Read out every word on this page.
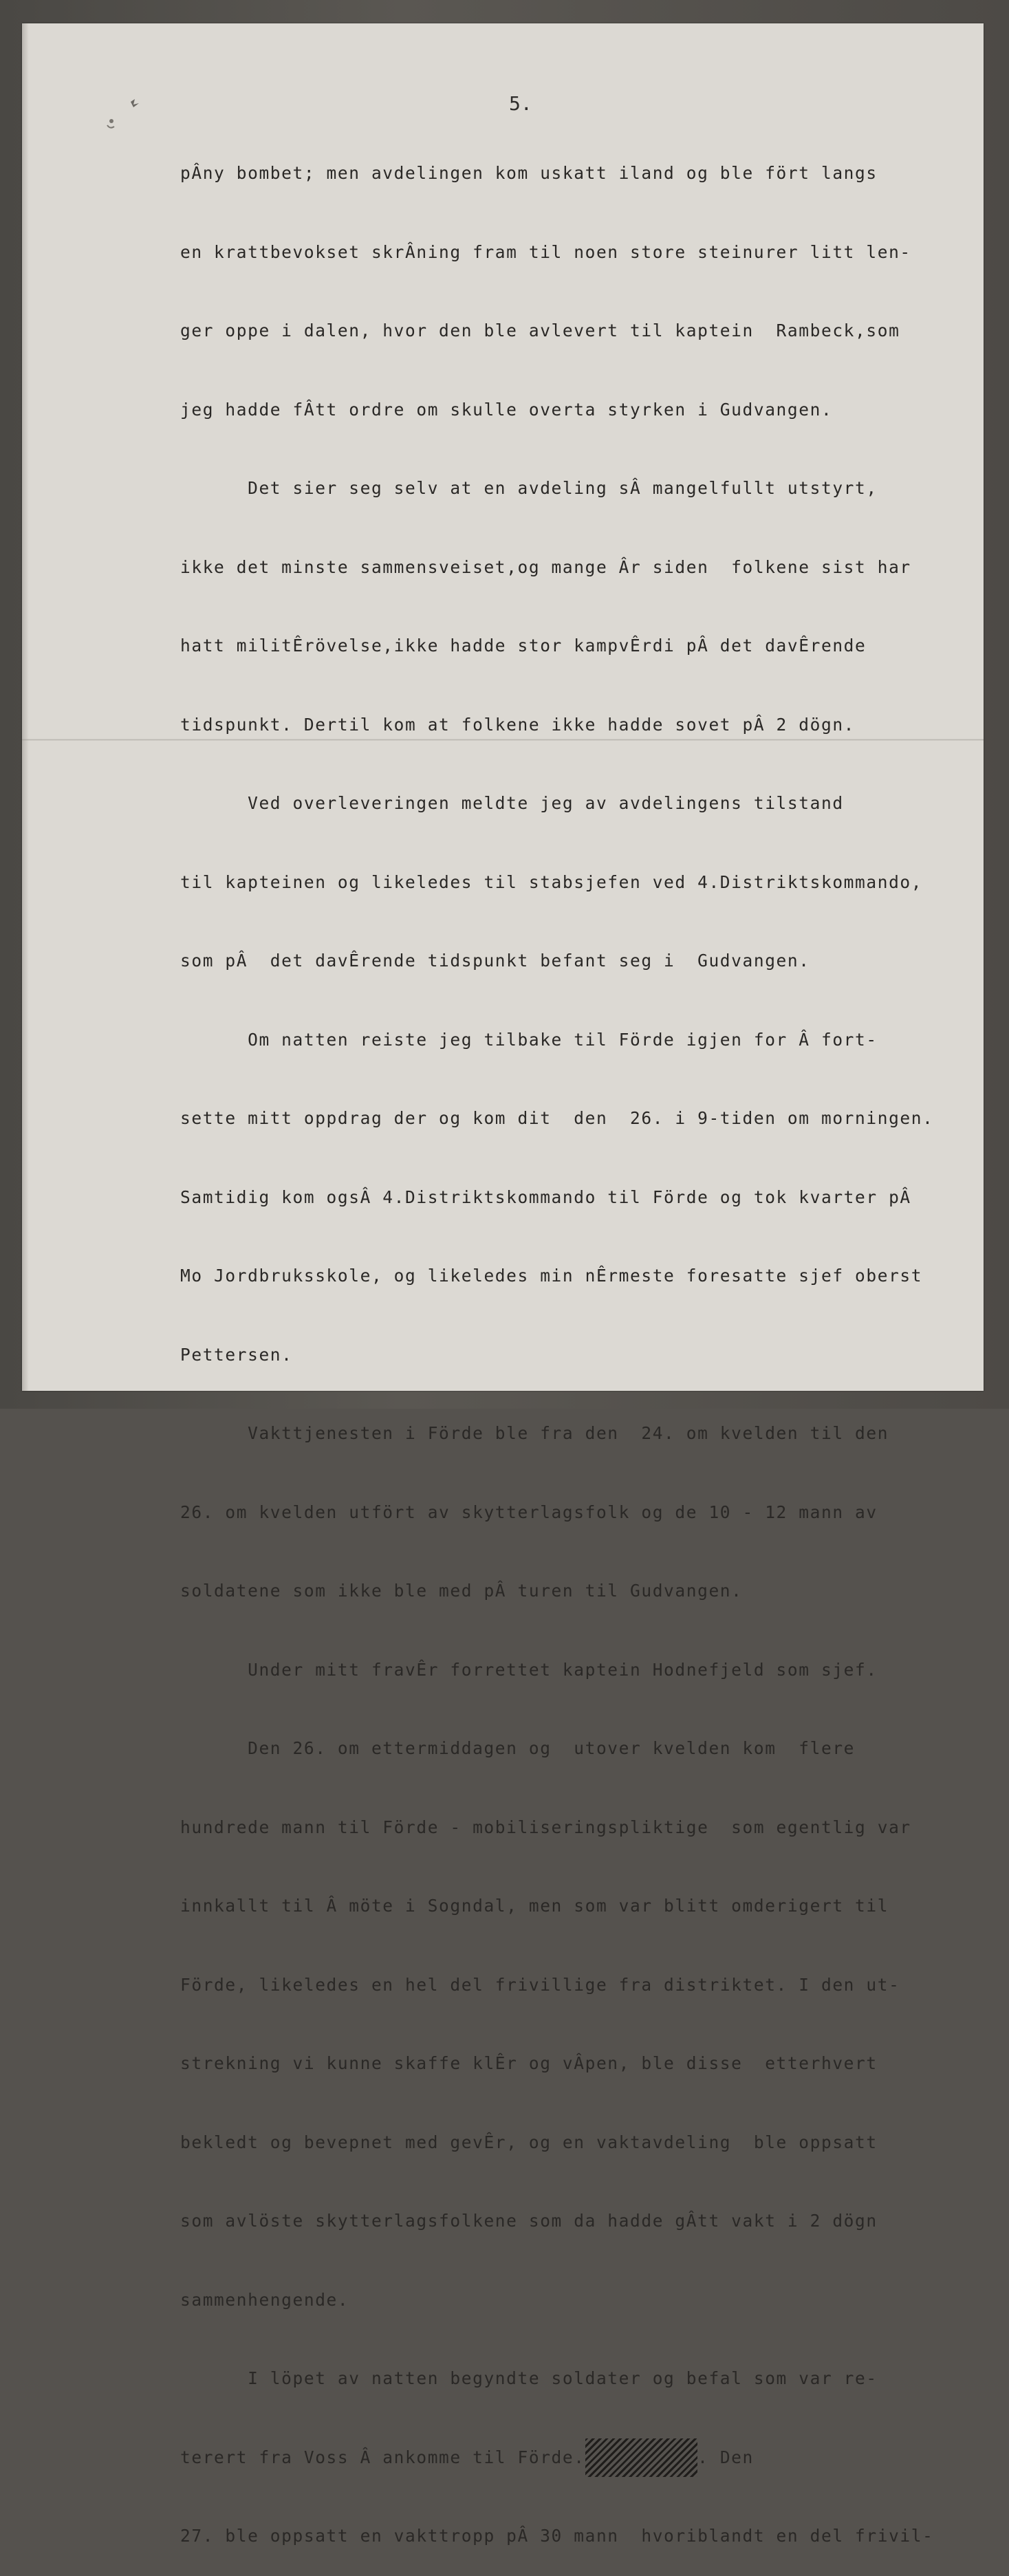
5.

pÂny bombet; men avdelingen kom uskatt iland og ble fört langs

en krattbevokset skrÂning fram til noen store steinurer litt len-

ger oppe i dalen, hvor den ble avlevert til kaptein  Rambeck,som

jeg hadde fÂtt ordre om skulle overta styrken i Gudvangen.

Det sier seg selv at en avdeling sÂ mangelfullt utstyrt,

ikke det minste sammensveiset,og mange Âr siden  folkene sist har

hatt militÊrövelse,ikke hadde stor kampvÊrdi pÂ det davÊrende

tidspunkt. Dertil kom at folkene ikke hadde sovet pÂ 2 dögn.

Ved overleveringen meldte jeg av avdelingens tilstand

til kapteinen og likeledes til stabsjefen ved 4.Distriktskommando,

som pÂ  det davÊrende tidspunkt befant seg i  Gudvangen.

Om natten reiste jeg tilbake til Förde igjen for Â fort-

sette mitt oppdrag der og kom dit  den  26. i 9-tiden om morningen.

Samtidig kom ogsÂ 4.Distriktskommando til Förde og tok kvarter pÂ

Mo Jordbruksskole, og likeledes min nÊrmeste foresatte sjef oberst

Pettersen.

Vakttjenesten i Förde ble fra den  24. om kvelden til den

26. om kvelden utfört av skytterlagsfolk og de 10 - 12 mann av

soldatene som ikke ble med pÂ turen til Gudvangen.

Under mitt fravÊr forrettet kaptein Hodnefjeld som sjef.

Den 26. om ettermiddagen og  utover kvelden kom  flere

hundrede mann til Förde - mobiliseringspliktige  som egentlig var

innkallt til Â möte i Sogndal, men som var blitt omderigert til

Förde, likeledes en hel del frivillige fra distriktet. I den ut-

strekning vi kunne skaffe klÊr og vÂpen, ble disse  etterhvert

bekledt og bevepnet med gevÊr, og en vaktavdeling  ble oppsatt

som avlöste skytterlagsfolkene som da hadde gÂtt vakt i 2 dögn

sammenhengende.

I löpet av natten begyndte soldater og befal som var re-

terert fra Voss Â ankomme til Förde.	. Den

27. ble oppsatt en vakttropp pÂ 30 mann  hvoriblandt en del frivil-
